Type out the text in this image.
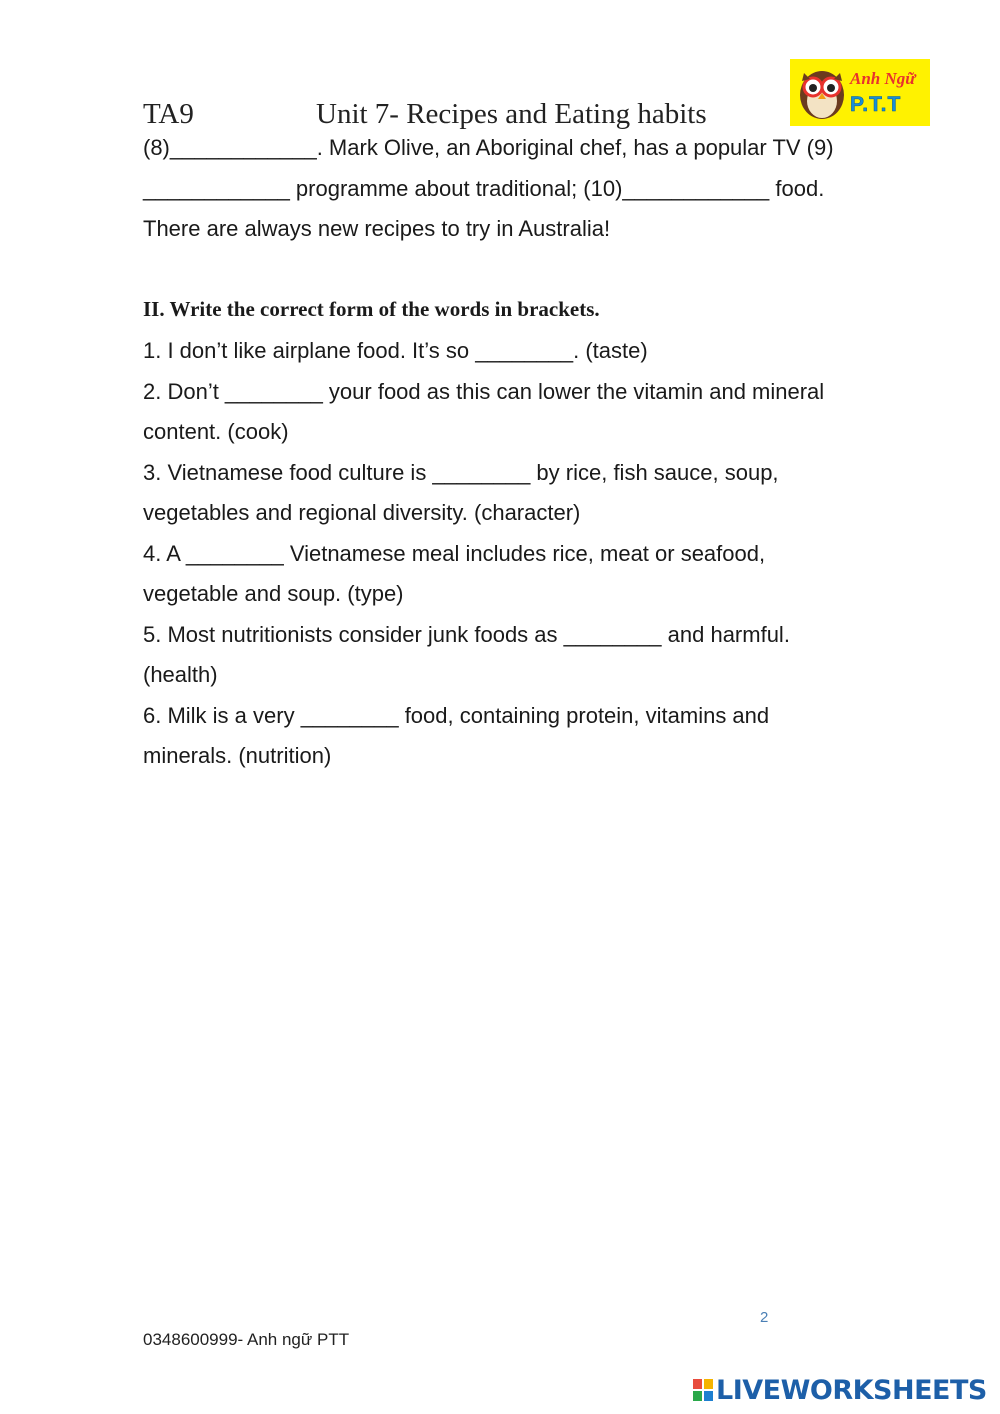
TA9	Unit 7- Recipes and Eating habits
Anh Ngữ
P.T.T
(8)____________. Mark Olive, an Aboriginal chef, has a popular TV (9)
____________ programme about traditional; (10)____________ food.
There are always new recipes to try in Australia!
II. Write the correct form of the words in brackets.
1. I don’t like airplane food. It’s so ________. (taste)
2. Don’t ________ your food as this can lower the vitamin and mineral
content. (cook)
3. Vietnamese food culture is ________ by rice, fish sauce, soup,
vegetables and regional diversity. (character)
4. A ________ Vietnamese meal includes rice, meat or seafood,
vegetable and soup. (type)
5. Most nutritionists consider junk foods as ________ and harmful.
(health)
6. Milk is a very ________ food, containing protein, vitamins and
minerals. (nutrition)
2
0348600999- Anh ngữ PTT
LIVEWORKSHEETS
